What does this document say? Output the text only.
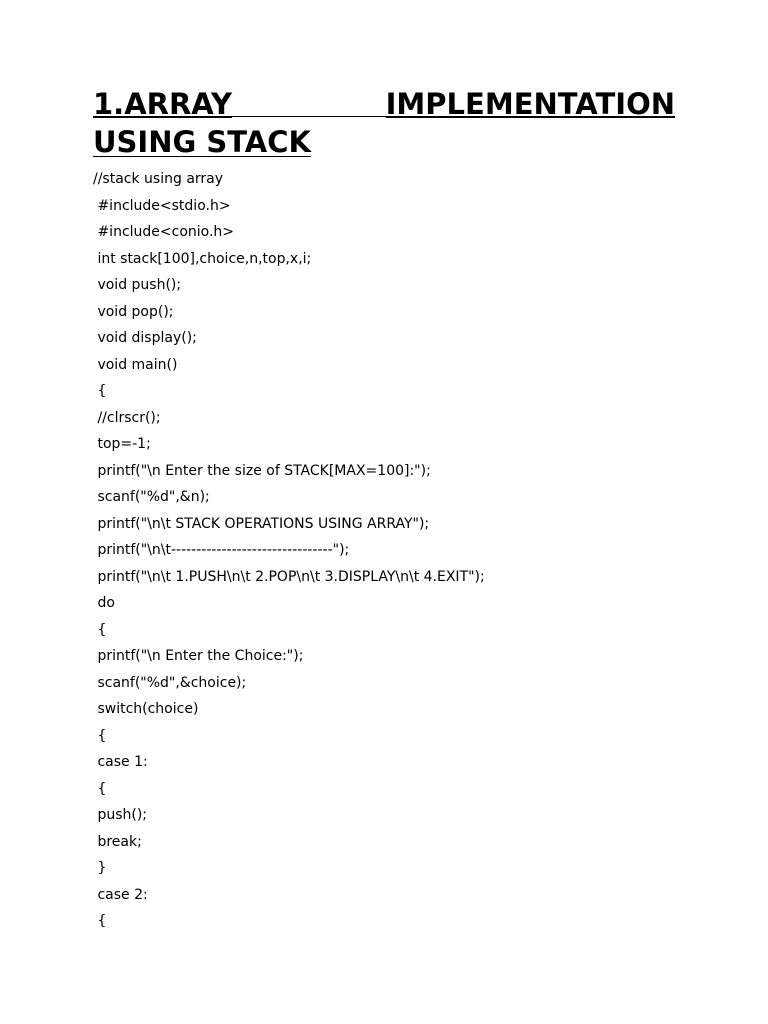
1.ARRAY	IMPLEMENTATION
USING STACK
//stack using array
#include<stdio.h>
#include<conio.h>
int stack[100],choice,n,top,x,i;
void push();
void pop();
void display();
void main()
{
//clrscr();
top=-1;
printf("\n Enter the size of STACK[MAX=100]:");
scanf("%d",&n);
printf("\n\t STACK OPERATIONS USING ARRAY");
printf("\n\t--------------------------------");
printf("\n\t 1.PUSH\n\t 2.POP\n\t 3.DISPLAY\n\t 4.EXIT");
do
{
printf("\n Enter the Choice:");
scanf("%d",&choice);
switch(choice)
{
case 1:
{
push();
break;
}
case 2:
{
